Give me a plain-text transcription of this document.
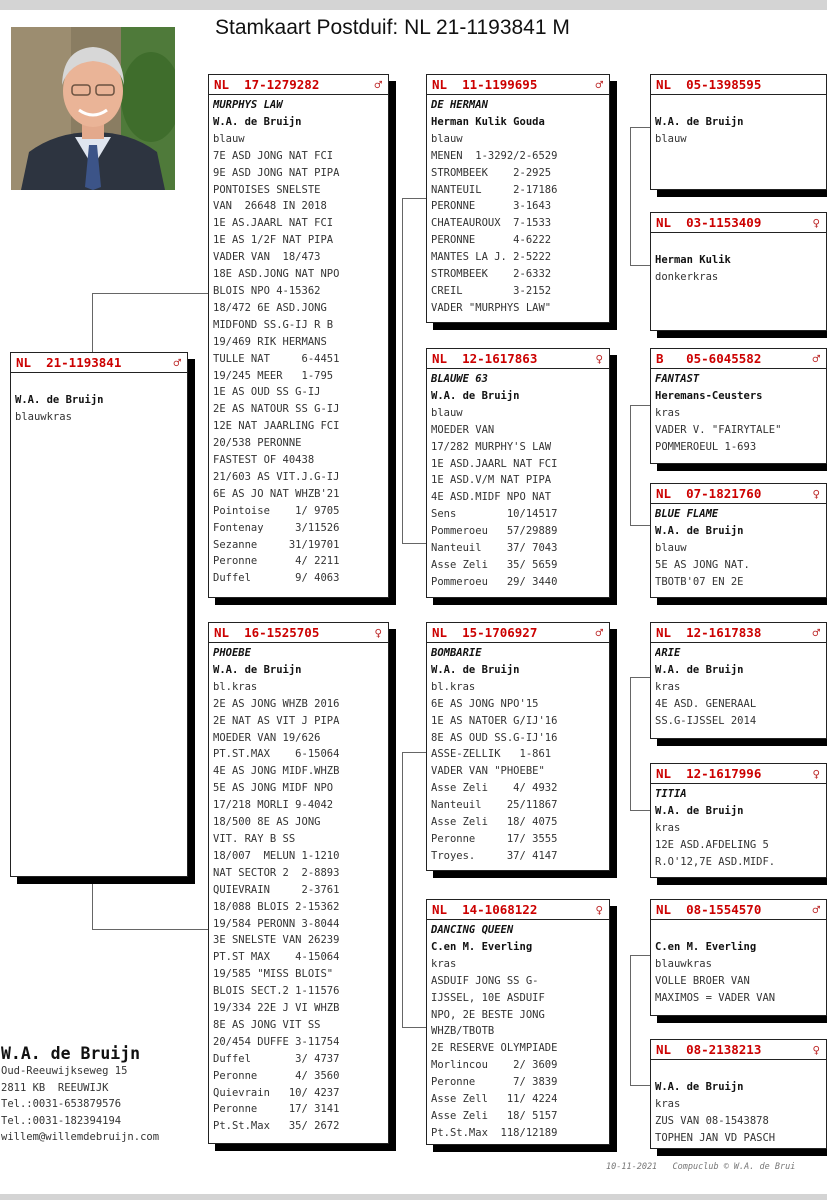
Stamkaart Postduif: NL 21-1193841 M
NL  21-1193841	♂

W.A. de Bruijn
blauwkras
NL  17-1279282	♂
MURPHYS LAW
W.A. de Bruijn
blauw
7E ASD JONG NAT FCI
9E ASD JONG NAT PIPA
PONTOISES SNELSTE
VAN  26648 IN 2018
1E AS.JAARL NAT FCI
1E AS 1/2F NAT PIPA
VADER VAN  18/473
18E ASD.JONG NAT NPO
BLOIS NPO 4-15362
18/472 6E ASD.JONG
MIDFOND SS.G-IJ R B
19/469 RIK HERMANS
TULLE NAT     6-4451
19/245 MEER   1-795
1E AS OUD SS G-IJ
2E AS NATOUR SS G-IJ
12E NAT JAARLING FCI
20/538 PERONNE
FASTEST OF 40438
21/603 AS VIT.J.G-IJ
6E AS JO NAT WHZB'21
Pointoise    1/ 9705
Fontenay     3/11526
Sezanne     31/19701
Peronne      4/ 2211
Duffel       9/ 4063
NL  16-1525705	♀
PHOEBE
W.A. de Bruijn
bl.kras
2E AS JONG WHZB 2016
2E NAT AS VIT J PIPA
MOEDER VAN 19/626
PT.ST.MAX    6-15064
4E AS JONG MIDF.WHZB
5E AS JONG MIDF NPO
17/218 MORLI 9-4042
18/500 8E AS JONG
VIT. RAY B SS
18/007  MELUN 1-1210
NAT SECTOR 2  2-8893
QUIEVRAIN     2-3761
18/088 BLOIS 2-15362
19/584 PERONN 3-8044
3E SNELSTE VAN 26239
PT.ST MAX    4-15064
19/585 "MISS BLOIS"
BLOIS SECT.2 1-11576
19/334 22E J VI WHZB
8E AS JONG VIT SS
20/454 DUFFE 3-11754
Duffel       3/ 4737
Peronne      4/ 3560
Quievrain   10/ 4237
Peronne     17/ 3141
Pt.St.Max   35/ 2672
NL  11-1199695	♂
DE HERMAN
Herman Kulik Gouda
blauw
MENEN  1-3292/2-6529
STROMBEEK    2-2925
NANTEUIL     2-17186
PERONNE      3-1643
CHATEAUROUX  7-1533
PERONNE      4-6222
MANTES LA J. 2-5222
STROMBEEK    2-6332
CREIL        3-2152
VADER "MURPHYS LAW"
NL  12-1617863	♀
BLAUWE 63
W.A. de Bruijn
blauw
MOEDER VAN
17/282 MURPHY'S LAW
1E ASD.JAARL NAT FCI
1E ASD.V/M NAT PIPA
4E ASD.MIDF NPO NAT
Sens        10/14517
Pommeroeu   57/29889
Nanteuil    37/ 7043
Asse Zeli   35/ 5659
Pommeroeu   29/ 3440
NL  15-1706927	♂
BOMBARIE
W.A. de Bruijn
bl.kras
6E AS JONG NPO'15
1E AS NATOER G/IJ'16
8E AS OUD SS.G-IJ'16
ASSE-ZELLIK   1-861
VADER VAN "PHOEBE"
Asse Zeli    4/ 4932
Nanteuil    25/11867
Asse Zeli   18/ 4075
Peronne     17/ 3555
Troyes.     37/ 4147
NL  14-1068122	♀
DANCING QUEEN
C.en M. Everling
kras
ASDUIF JONG SS G-
IJSSEL, 10E ASDUIF
NPO, 2E BESTE JONG
WHZB/TBOTB
2E RESERVE OLYMPIADE
Morlincou    2/ 3609
Peronne      7/ 3839
Asse Zell   11/ 4224
Asse Zeli   18/ 5157
Pt.St.Max  118/12189
NL  05-1398595

W.A. de Bruijn
blauw
NL  03-1153409	♀

Herman Kulik
donkerkras
B   05-6045582	♂
FANTAST
Heremans-Ceusters
kras
VADER V. "FAIRYTALE"
POMMEROEUL 1-693
NL  07-1821760	♀
BLUE FLAME
W.A. de Bruijn
blauw
5E AS JONG NAT.
TBOTB'07 EN 2E
NL  12-1617838	♂
ARIE
W.A. de Bruijn
kras
4E ASD. GENERAAL
SS.G-IJSSEL 2014
NL  12-1617996	♀
TITIA
W.A. de Bruijn
kras
12E ASD.AFDELING 5
R.O'12,7E ASD.MIDF.
NL  08-1554570	♂

C.en M. Everling
blauwkras
VOLLE BROER VAN
MAXIMOS = VADER VAN
NL  08-2138213	♀

W.A. de Bruijn
kras
ZUS VAN 08-1543878
TOPHEN JAN VD PASCH
W.A. de Bruijn
Oud-Reeuwijkseweg 15
2811 KB  REEUWIJK
Tel.:0031-653879576
Tel.:0031-182394194
willem@willemdebruijn.com
10-11-2021   Compuclub © W.A. de Brui
